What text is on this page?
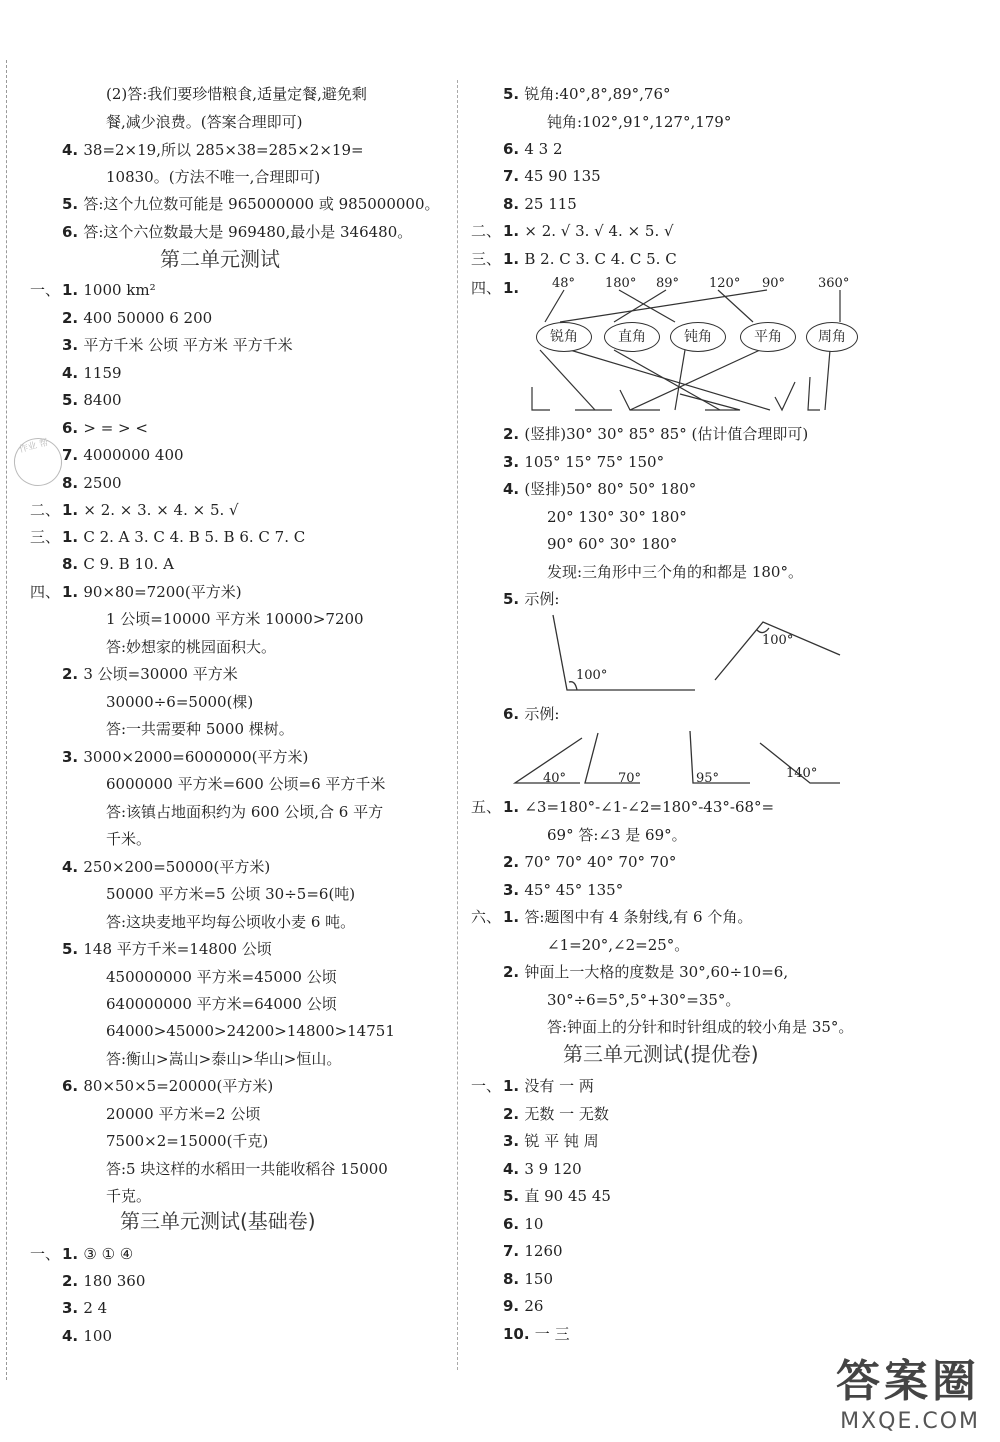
(2)答:我们要珍惜粮食,适量定餐,避免剩
餐,减少浪费。(答案合理即可)
4. 38=2×19,所以 285×38=285×2×19=
10830。(方法不唯一,合理即可)
5. 答:这个九位数可能是 965000000 或 985000000。
6. 答:这个六位数最大是 969480,最小是 346480。
一、 1. 1000 km²
2. 400 50000 6 200
3. 平方千米 公顷 平方米 平方千米
4. 1159
5. 8400
6. > = > <
7. 4000000 400
8. 2500
二、 1. × 2. × 3. × 4. × 5. √
三、 1. C 2. A 3. C 4. B 5. B 6. C 7. C
8. C 9. B 10. A
四、 1. 90×80=7200(平方米)
1 公顷=10000 平方米 10000>7200
答:妙想家的桃园面积大。
2. 3 公顷=30000 平方米
30000÷6=5000(棵)
答:一共需要种 5000 棵树。
3. 3000×2000=6000000(平方米)
6000000 平方米=600 公顷=6 平方千米
答:该镇占地面积约为 600 公顷,合 6 平方
千米。
4. 250×200=50000(平方米)
50000 平方米=5 公顷 30÷5=6(吨)
答:这块麦地平均每公顷收小麦 6 吨。
5. 148 平方千米=14800 公顷
450000000 平方米=45000 公顷
640000000 平方米=64000 公顷
64000>45000>24200>14800>14751
答:衡山>嵩山>泰山>华山>恒山。
6. 80×50×5=20000(平方米)
20000 平方米=2 公顷
7500×2=15000(千克)
答:5 块这样的水稻田一共能收稻谷 15000
千克。
一、 1. ③ ① ④
2. 180 360
3. 2 4
4. 100
第二单元测试
第三单元测试(基础卷)
作业 帮
5. 锐角:40°,8°,89°,76°
钝角:102°,91°,127°,179°
6. 4 3 2
7. 45 90 135
8. 25 115
二、 1. × 2. √ 3. √ 4. × 5. √
三、 1. B 2. C 3. C 4. C 5. C
四、 1.
2. (竖排)30° 30° 85° 85° (估计值合理即可)
3. 105° 15° 75° 150°
4. (竖排)50° 80° 50° 180°
20° 130° 30° 180°
90° 60° 30° 180°
发现:三角形中三个角的和都是 180°。
5. 示例:
6. 示例:
五、 1. ∠3=180°-∠1-∠2=180°-43°-68°=
69° 答:∠3 是 69°。
2. 70° 70° 40° 70° 70°
3. 45° 45° 135°
六、 1. 答:题图中有 4 条射线,有 6 个角。
∠1=20°,∠2=25°。
2. 钟面上一大格的度数是 30°,60÷10=6,
30°÷6=5°,5°+30°=35°。
答:钟面上的分针和时针组成的较小角是 35°。
一、 1. 没有 一 两
2. 无数 一 无数
3. 锐 平 钝 周
4. 3 9 120
5. 直 90 45 45
6. 10
7. 1260
8. 150
9. 26
10. 一 三
第三单元测试(提优卷)
48° 180° 89° 120° 90°	360°
锐角	直角	钝角	平角	周角
100°
100°
40°	70°	95°	140°
答案圈
MXQE.COM
